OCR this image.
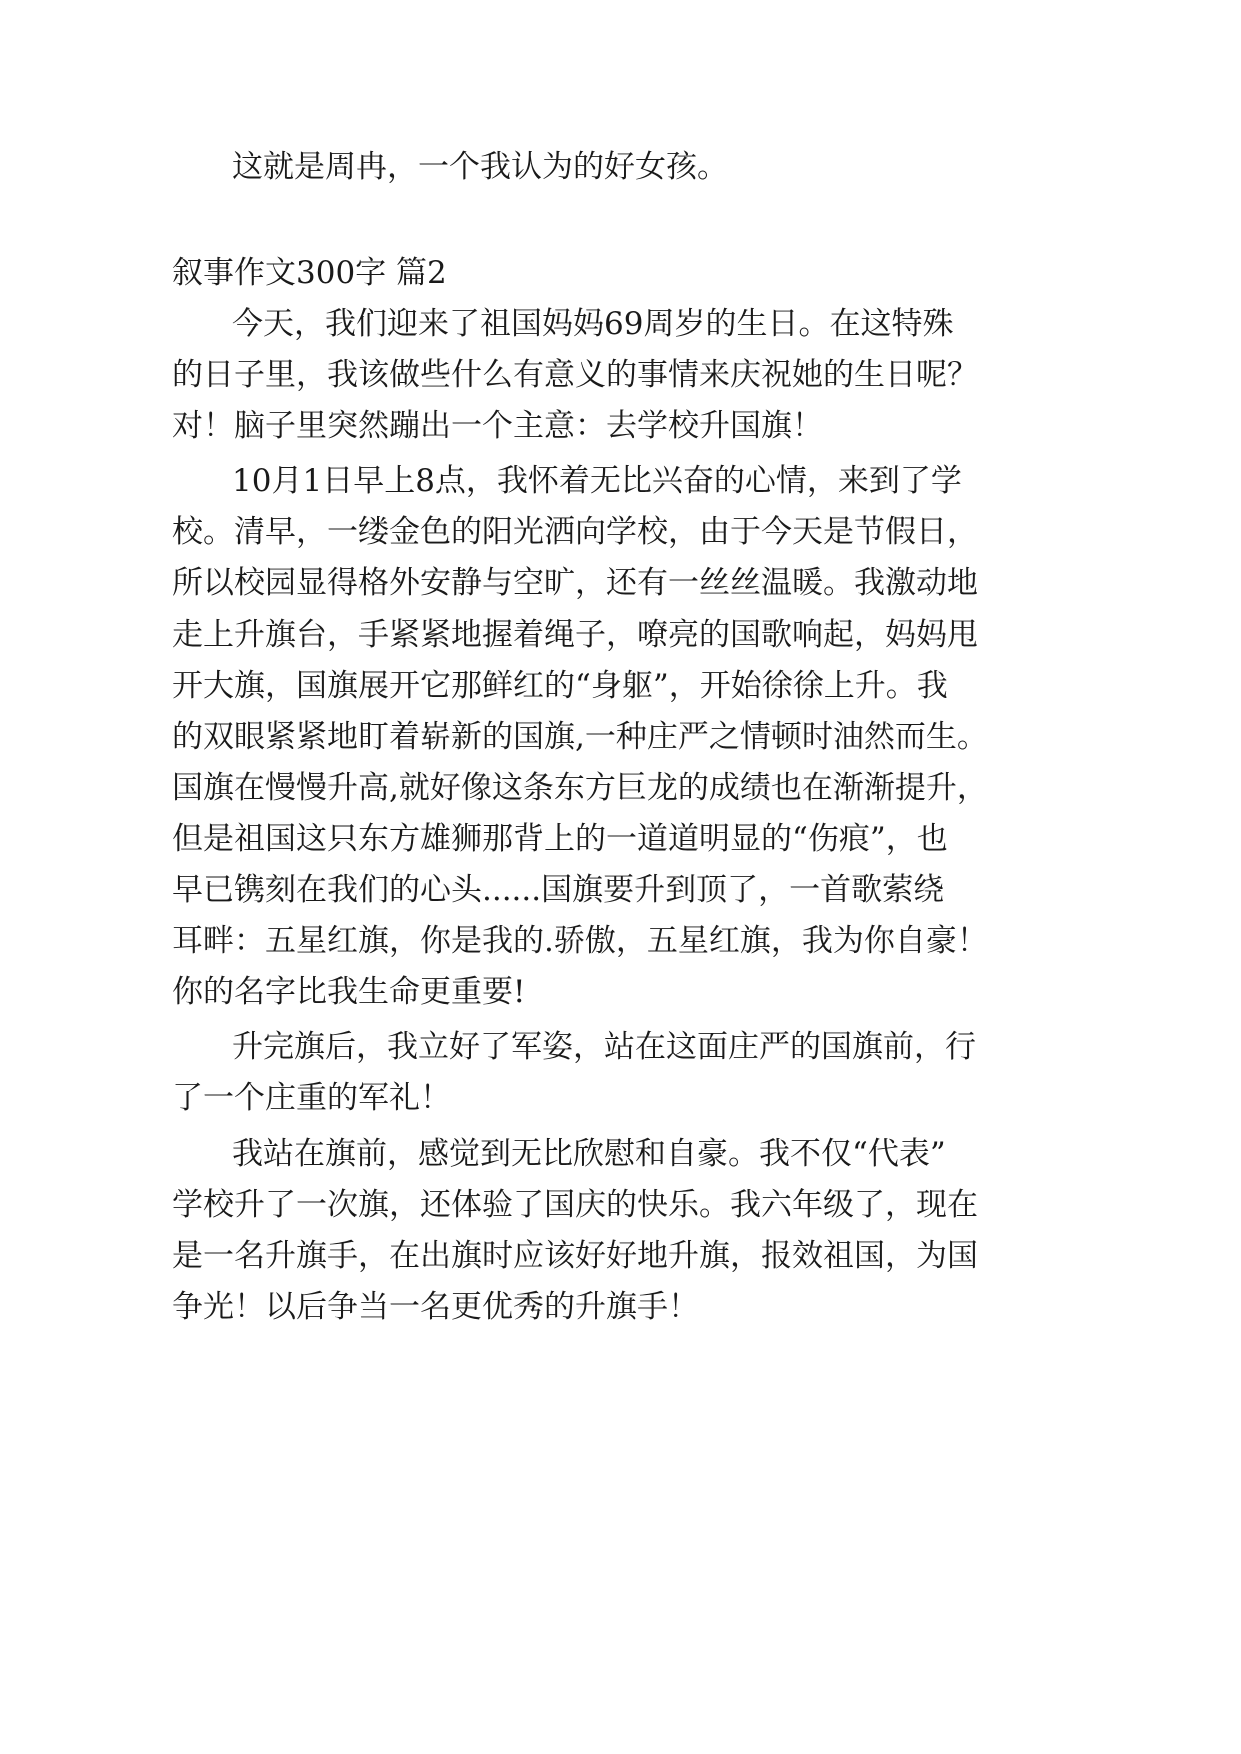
这就是周冉，一个我认为的好女孩。
叙事作文300字 篇2
今 天 ， 我 们 迎 来 了 祖 国 妈 妈 69 周 岁 的 生 日 。 在 这 特 殊
的 日 子 里 ， 我 该 做 些 什 么 有 意 义 的 事 情 来 庆 祝 她 的 生 日 呢 ？
对！脑子里突然蹦出一个主意：去学校升国旗！
10 月 1 日 早 上 8 点 ， 我 怀 着 无 比 兴 奋 的 心 情 ， 来 到 了 学
校 。 清 早 ， 一 缕 金 色 的 阳 光 洒 向 学 校 ， 由 于 今 天 是 节 假 日 ，
所 以 校 园 显 得 格 外 安 静 与 空 旷 ， 还 有 一 丝 丝 温 暖 。 我 激 动 地
走 上 升 旗 台 ， 手 紧 紧 地 握 着 绳 子 ， 嘹 亮 的 国 歌 响 起 ， 妈 妈 甩
开 大 旗 ， 国 旗 展 开 它 那 鲜 红 的 “ 身 躯 ” ， 开 始 徐 徐 上 升 。 我
的 双 眼 紧 紧 地 盯 着 崭 新 的 国 旗 , 一 种 庄 严 之 情 顿 时 油 然 而 生 。
国 旗 在 慢 慢 升 高 , 就 好 像 这 条 东 方 巨 龙 的 成 绩 也 在 渐 渐 提 升 ，
但 是 祖 国 这 只 东 方 雄 狮 那 背 上 的 一 道 道 明 显 的 “ 伤 痕 ” ， 也
早 已 镌 刻 在 我 们 的 心 头 ...... 国 旗 要 升 到 顶 了 ， 一 首 歌 萦 绕
耳 畔 ： 五 星 红 旗 ， 你 是 我 的 . 骄 傲 ， 五 星 红 旗 ， 我 为 你 自 豪 ！
你的名字比我生命更重要!
升 完 旗 后 ， 我 立 好 了 军 姿 ， 站 在 这 面 庄 严 的 国 旗 前 ， 行
了一个庄重的军礼！
我 站 在 旗 前 ， 感 觉 到 无 比 欣 慰 和 自 豪 。 我 不 仅 “ 代 表 ”
学 校 升 了 一 次 旗 ， 还 体 验 了 国 庆 的 快 乐 。 我 六 年 级 了 ， 现 在
是 一 名 升 旗 手 ， 在 出 旗 时 应 该 好 好 地 升 旗 ， 报 效 祖 国 ， 为 国
争光！以后争当一名更优秀的升旗手！
